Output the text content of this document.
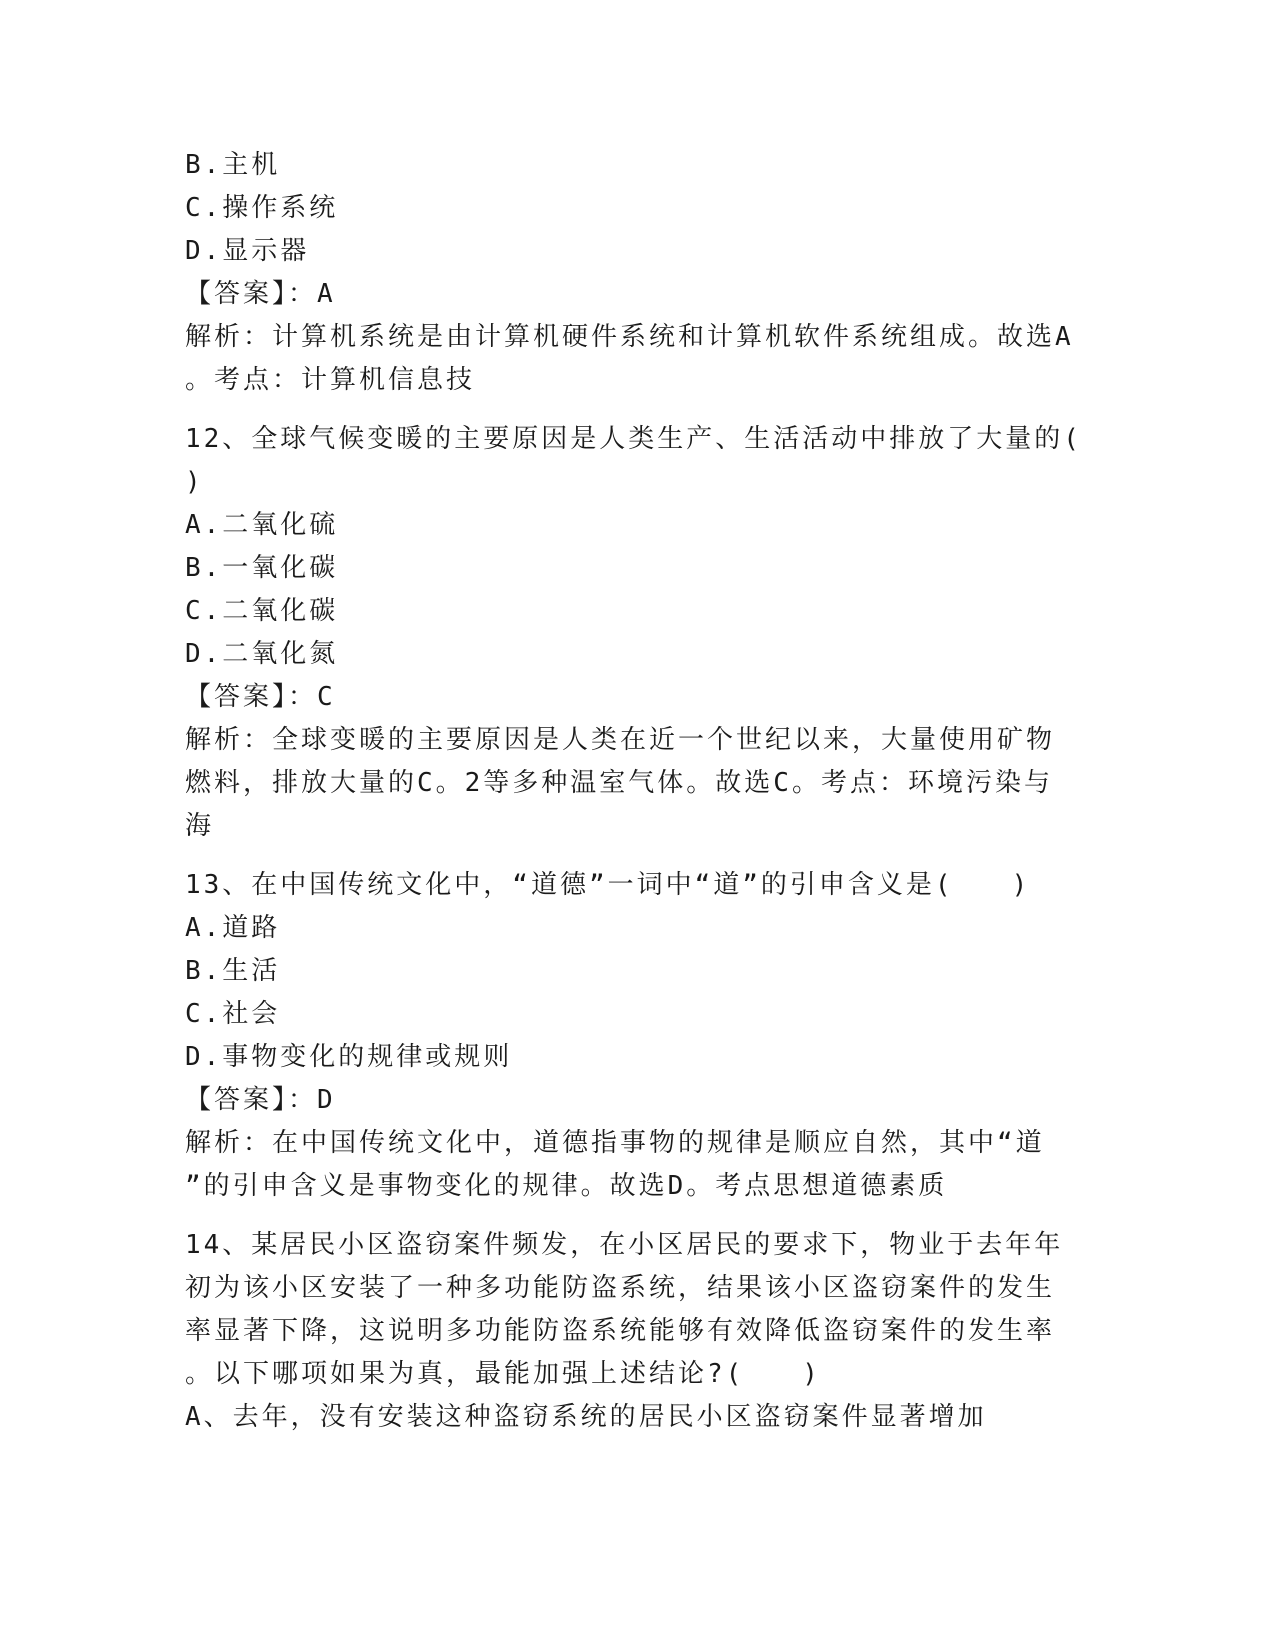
B.主机
C.操作系统
D.显示器
【答案】：A
解析：计算机系统是由计算机硬件系统和计算机软件系统组成。故选A
。考点：计算机信息技
12、全球气候变暖的主要原因是人类生产、生活活动中排放了大量的(
)
A.二氧化硫
B.一氧化碳
C.二氧化碳
D.二氧化氮
【答案】：C
解析：全球变暖的主要原因是人类在近一个世纪以来，大量使用矿物
燃料，排放大量的C。2等多种温室气体。故选C。考点：环境污染与
海
13、在中国传统文化中，“道德”一词中“道”的引申含义是(　　)
A.道路
B.生活
C.社会
D.事物变化的规律或规则
【答案】：D
解析：在中国传统文化中，道德指事物的规律是顺应自然，其中“道
”的引申含义是事物变化的规律。故选D。考点思想道德素质
14、某居民小区盗窃案件频发，在小区居民的要求下，物业于去年年
初为该小区安装了一种多功能防盗系统，结果该小区盗窃案件的发生
率显著下降，这说明多功能防盗系统能够有效降低盗窃案件的发生率
。以下哪项如果为真，最能加强上述结论?(　　)
A、去年，没有安装这种盗窃系统的居民小区盗窃案件显著增加
